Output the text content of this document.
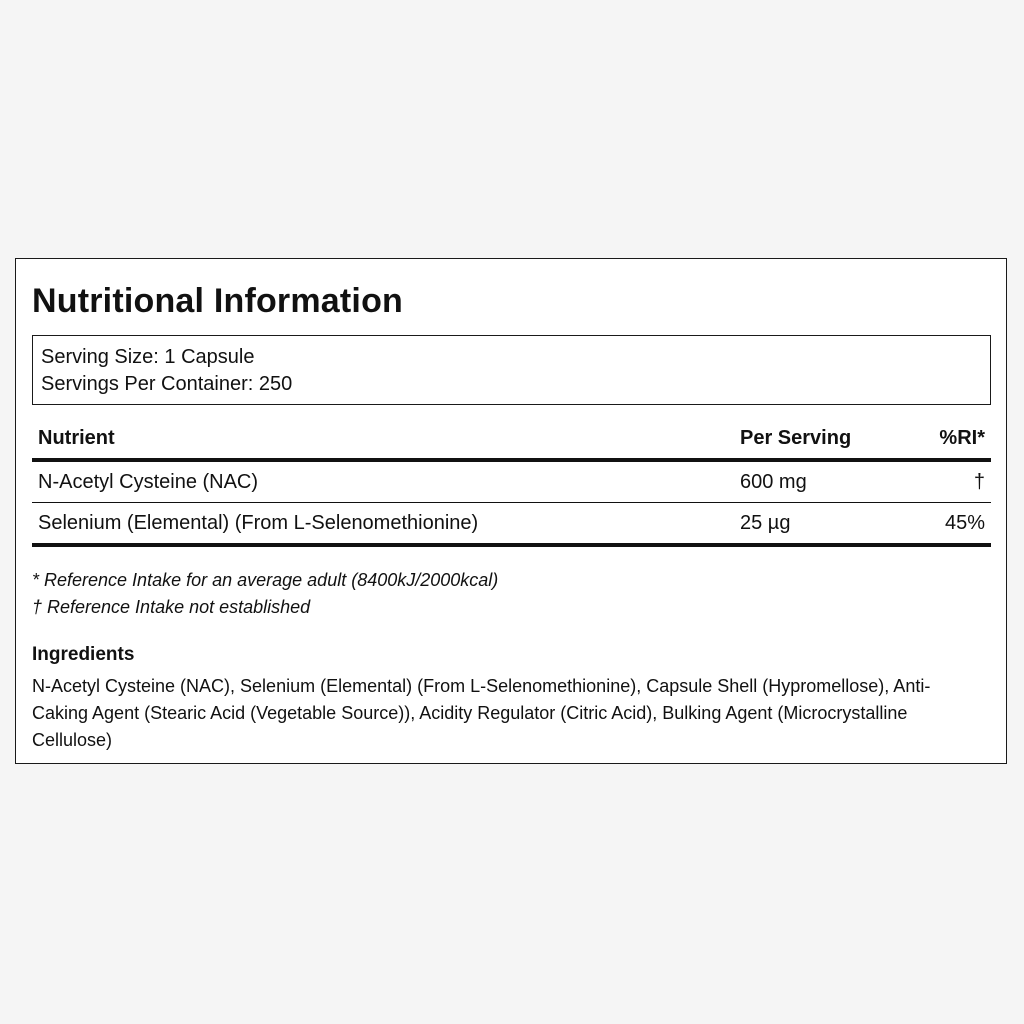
Nutritional Information
Serving Size: 1 Capsule
Servings Per Container: 250
Nutrient	Per Serving	%RI*
N-Acetyl Cysteine (NAC)	600 mg	†
Selenium (Elemental) (From L-Selenomethionine)	25 µg	45%
* Reference Intake for an average adult (8400kJ/2000kcal)
† Reference Intake not established
Ingredients
N-Acetyl Cysteine (NAC), Selenium (Elemental) (From L-Selenomethionine), Capsule Shell (Hypromellose), Anti-Caking Agent (Stearic Acid (Vegetable Source)), Acidity Regulator (Citric Acid), Bulking Agent (Microcrystalline Cellulose)
